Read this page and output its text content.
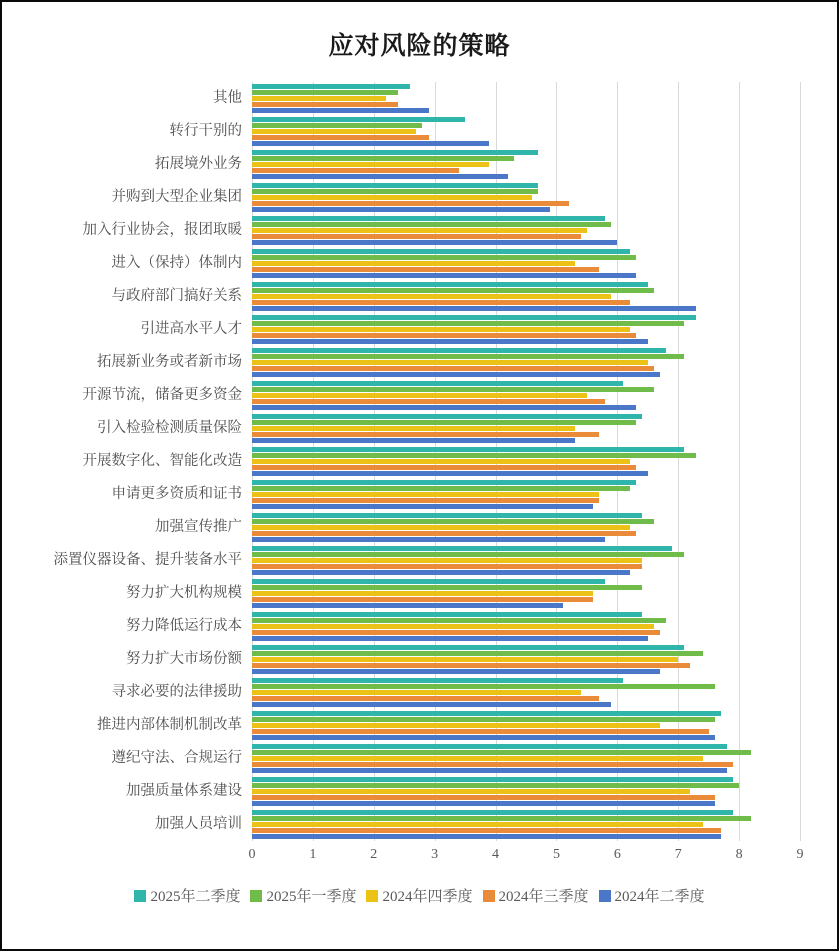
应对风险的策略
其他
转行干别的
拓展境外业务
并购到大型企业集团
加入行业协会，报团取暖
进入（保持）体制内
与政府部门搞好关系
引进高水平人才
拓展新业务或者新市场
开源节流，储备更多资金
引入检验检测质量保险
开展数字化、智能化改造
申请更多资质和证书
加强宣传推广
添置仪器设备、提升装备水平
努力扩大机构规模
努力降低运行成本
努力扩大市场份额
寻求必要的法律援助
推进内部体制机制改革
遵纪守法、合规运行
加强质量体系建设
加强人员培训
0	1	2	3	4	5	6	7	8	9
2025年二季度 2025年一季度 2024年四季度 2024年三季度 2024年二季度
